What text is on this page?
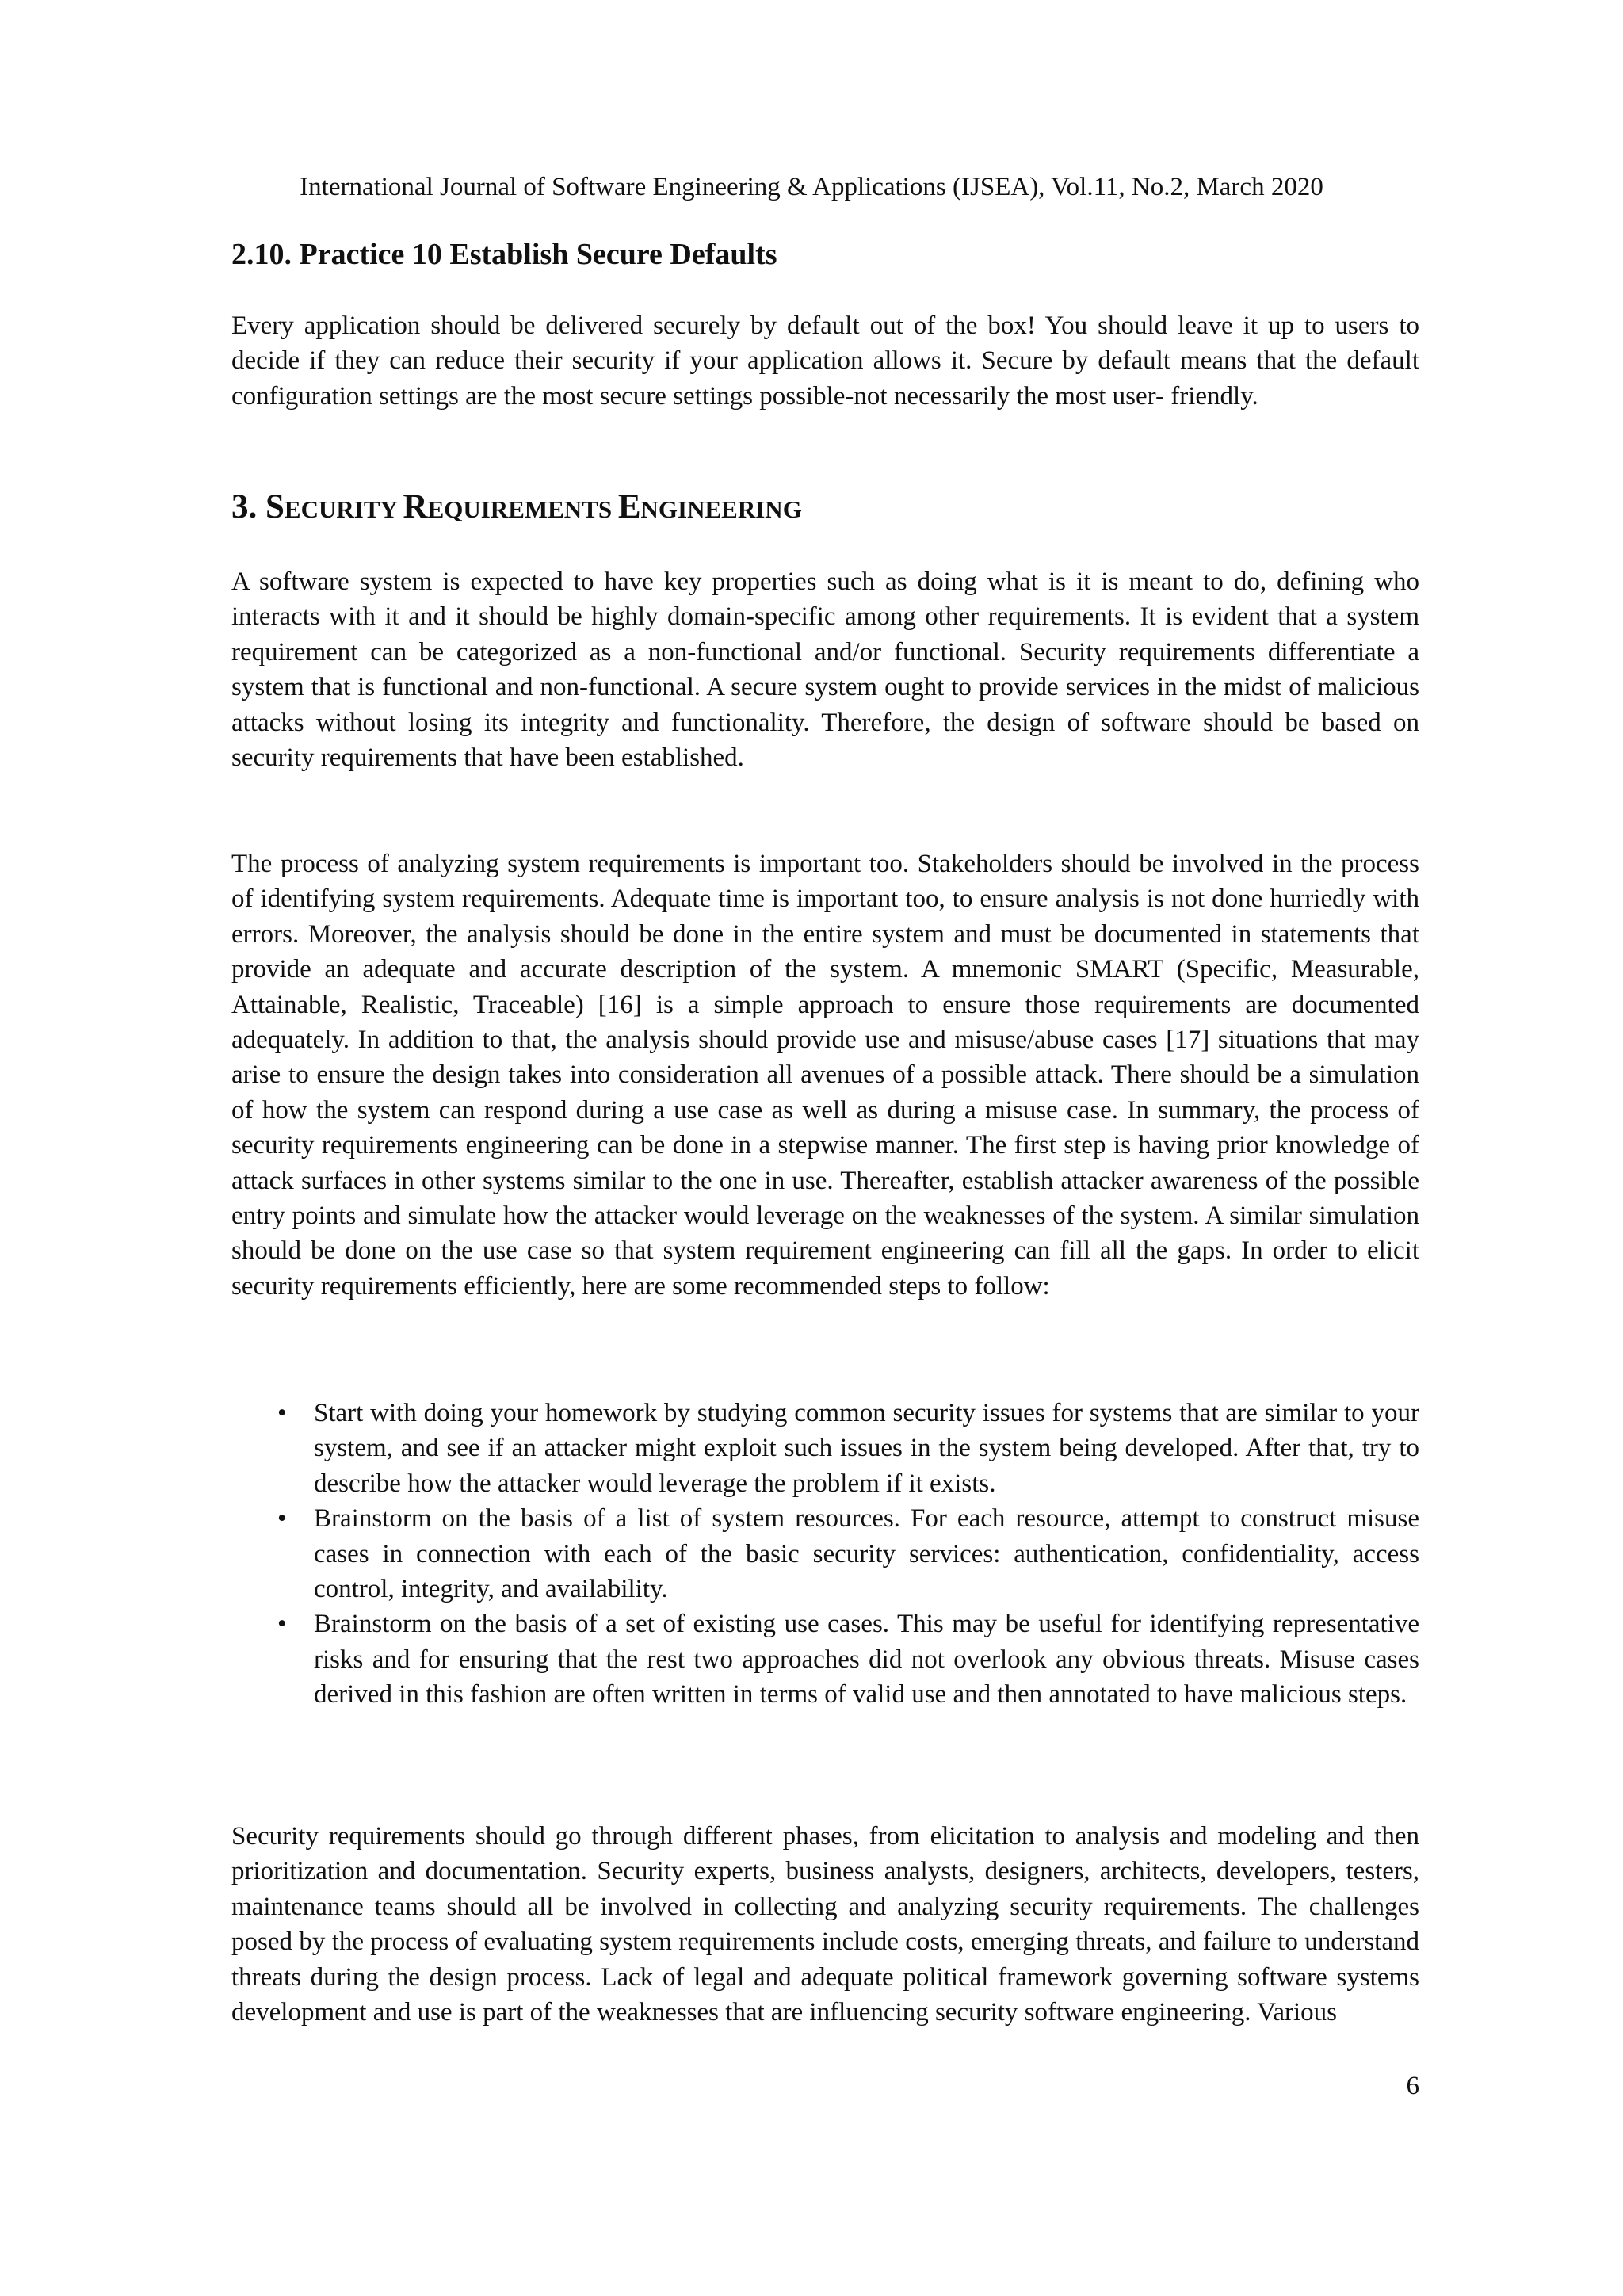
International Journal of Software Engineering & Applications (IJSEA), Vol.11, No.2, March 2020
2.10. Practice 10 Establish Secure Defaults

Every application should be delivered securely by default out of the box! You should leave it up to users to decide if they can reduce their security if your application allows it. Secure by default means that the default configuration settings are the most secure settings possible-not necessarily the most user- friendly.

3. SECURITY REQUIREMENTS ENGINEERING

A software system is expected to have key properties such as doing what is it is meant to do, defining who interacts with it and it should be highly domain-specific among other requirements. It is evident that a system requirement can be categorized as a non-functional and/or functional. Security requirements differentiate a system that is functional and non-functional. A secure system ought to provide services in the midst of malicious attacks without losing its integrity and functionality. Therefore, the design of software should be based on security requirements that have been established.

The process of analyzing system requirements is important too. Stakeholders should be involved in the process of identifying system requirements. Adequate time is important too, to ensure analysis is not done hurriedly with errors. Moreover, the analysis should be done in the entire system and must be documented in statements that provide an adequate and accurate description of the system. A mnemonic SMART (Specific, Measurable, Attainable, Realistic, Traceable) [16] is a simple approach to ensure those requirements are documented adequately. In addition to that, the analysis should provide use and misuse/abuse cases [17] situations that may arise to ensure the design takes into consideration all avenues of a possible attack. There should be a simulation of how the system can respond during a use case as well as during a misuse case. In summary, the process of security requirements engineering can be done in a stepwise manner. The first step is having prior knowledge of attack surfaces in other systems similar to the one in use. Thereafter, establish attacker awareness of the possible entry points and simulate how the attacker would leverage on the weaknesses of the system. A similar simulation should be done on the use case so that system requirement engineering can fill all the gaps. In order to elicit security requirements efficiently, here are some recommended steps to follow:

• Start with doing your homework by studying common security issues for systems that are similar to your system, and see if an attacker might exploit such issues in the system being developed. After that, try to describe how the attacker would leverage the problem if it exists.
• Brainstorm on the basis of a list of system resources. For each resource, attempt to construct misuse cases in connection with each of the basic security services: authentication, confidentiality, access control, integrity, and availability.
• Brainstorm on the basis of a set of existing use cases. This may be useful for identifying representative risks and for ensuring that the rest two approaches did not overlook any obvious threats. Misuse cases derived in this fashion are often written in terms of valid use and then annotated to have malicious steps.

Security requirements should go through different phases, from elicitation to analysis and modeling and then prioritization and documentation. Security experts, business analysts, designers, architects, developers, testers, maintenance teams should all be involved in collecting and analyzing security requirements. The challenges posed by the process of evaluating system requirements include costs, emerging threats, and failure to understand threats during the design process. Lack of legal and adequate political framework governing software systems development and use is part of the weaknesses that are influencing security software engineering. Various

6
